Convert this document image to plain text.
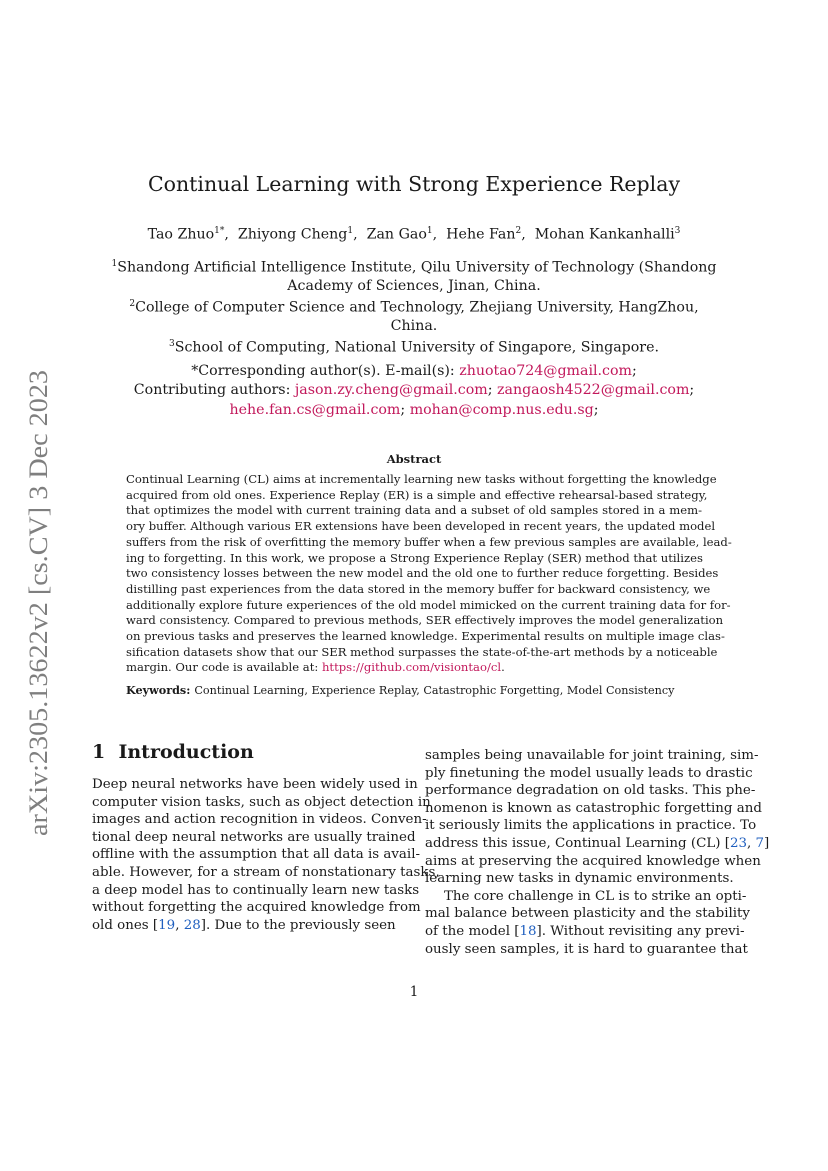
arXiv:2305.13622v2 [cs.CV] 3 Dec 2023
Continual Learning with Strong Experience Replay
Tao Zhuo$^{1*}$,  Zhiyong Cheng$^1$,  Zan Gao$^1$,  Hehe Fan$^2$,  Mohan Kankanhalli$^3$
$^1$Shandong Artificial Intelligence Institute, Qilu University of Technology (Shandong
Academy of Sciences, Jinan, China.
$^2$College of Computer Science and Technology, Zhejiang University, HangZhou, China.
$^3$School of Computing, National University of Singapore, Singapore.
*Corresponding author(s). E-mail(s): zhuotao724@gmail.com;
Contributing authors: jason.zy.cheng@gmail.com; zangaosh4522@gmail.com;
hehe.fan.cs@gmail.com; mohan@comp.nus.edu.sg;
Abstract
Continual Learning (CL) aims at incrementally learning new tasks without forgetting the knowledge
acquired from old ones. Experience Replay (ER) is a simple and effective rehearsal-based strategy,
that optimizes the model with current training data and a subset of old samples stored in a mem-
ory buffer. Although various ER extensions have been developed in recent years, the updated model
suffers from the risk of overfitting the memory buffer when a few previous samples are available, lead-
ing to forgetting. In this work, we propose a Strong Experience Replay (SER) method that utilizes
two consistency losses between the new model and the old one to further reduce forgetting. Besides
distilling past experiences from the data stored in the memory buffer for backward consistency, we
additionally explore future experiences of the old model mimicked on the current training data for for-
ward consistency. Compared to previous methods, SER effectively improves the model generalization
on previous tasks and preserves the learned knowledge. Experimental results on multiple image clas-
sification datasets show that our SER method surpasses the state-of-the-art methods by a noticeable
margin. Our code is available at: https://github.com/visiontao/cl.
Keywords: Continual Learning, Experience Replay, Catastrophic Forgetting, Model Consistency
1 Introduction
Deep neural networks have been widely used in
computer vision tasks, such as object detection in
images and action recognition in videos. Conven-
tional deep neural networks are usually trained
offline with the assumption that all data is avail-
able. However, for a stream of nonstationary tasks,
a deep model has to continually learn new tasks
without forgetting the acquired knowledge from
old ones [19, 28]. Due to the previously seen
samples being unavailable for joint training, sim-
ply finetuning the model usually leads to drastic
performance degradation on old tasks. This phe-
nomenon is known as catastrophic forgetting and
it seriously limits the applications in practice. To
address this issue, Continual Learning (CL) [23, 7]
aims at preserving the acquired knowledge when
learning new tasks in dynamic environments.
The core challenge in CL is to strike an opti-
mal balance between plasticity and the stability
of the model [18]. Without revisiting any previ-
ously seen samples, it is hard to guarantee that
1
